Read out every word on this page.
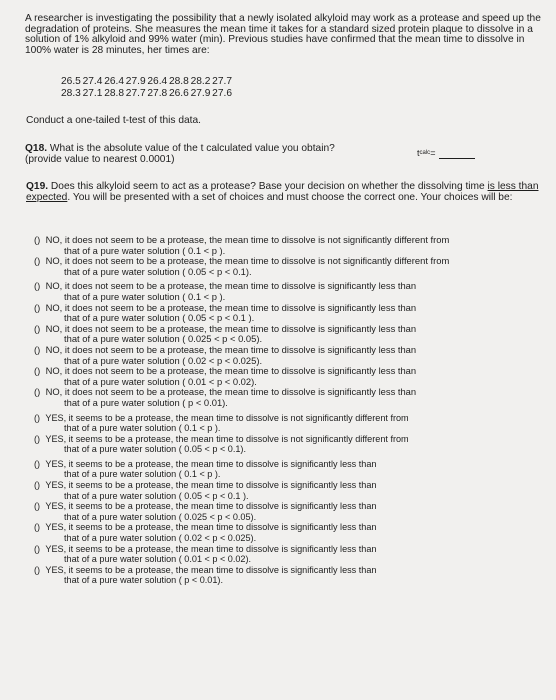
A researcher is investigating the possibility that a newly isolated alkyloid may work as a protease and speed up the degradation of proteins. She measures the mean time it takes for a standard sized protein plaque to dissolve in a solution of 1% alkyloid and 99% water (min). Previous studies have confirmed that the mean time to dissolve in 100% water is 28 minutes, her times are:

26.5 27.4 26.4 27.9 26.4 28.8 28.2 27.7
28.3 27.1 28.8 27.7 27.8 26.6 27.9 27.6
Conduct a one-tailed t-test of this data.
Q18. What is the absolute value of the t calculated value you obtain?
(provide value to nearest 0.0001)
t calc =
Q19. Does this alkyloid seem to act as a protease? Base your decision on whether the dissolving time is less than expected. You will be presented with a set of choices and must choose the correct one. Your choices will be:
() NO, it does not seem to be a protease, the mean time to dissolve is not significantly different from
that of a pure water solution ( 0.1 < p ).
() NO, it does not seem to be a protease, the mean time to dissolve is not significantly different from
that of a pure water solution ( 0.05 < p < 0.1).
() NO, it does not seem to be a protease, the mean time to dissolve is significantly less than
that of a pure water solution ( 0.1 < p ).
() NO, it does not seem to be a protease, the mean time to dissolve is significantly less than
that of a pure water solution ( 0.05 < p < 0.1 ).
() NO, it does not seem to be a protease, the mean time to dissolve is significantly less than
that of a pure water solution ( 0.025 < p < 0.05).
() NO, it does not seem to be a protease, the mean time to dissolve is significantly less than
that of a pure water solution ( 0.02 < p < 0.025).
() NO, it does not seem to be a protease, the mean time to dissolve is significantly less than
that of a pure water solution ( 0.01 < p < 0.02).
() NO, it does not seem to be a protease, the mean time to dissolve is significantly less than
that of a pure water solution ( p < 0.01).
() YES, it seems to be a protease, the mean time to dissolve is not significantly different from
that of a pure water solution ( 0.1 < p ).
() YES, it seems to be a protease, the mean time to dissolve is not significantly different from
that of a pure water solution ( 0.05 < p < 0.1).
() YES, it seems to be a protease, the mean time to dissolve is significantly less than
that of a pure water solution ( 0.1 < p ).
() YES, it seems to be a protease, the mean time to dissolve is significantly less than
that of a pure water solution ( 0.05 < p < 0.1 ).
() YES, it seems to be a protease, the mean time to dissolve is significantly less than
that of a pure water solution ( 0.025 < p < 0.05).
() YES, it seems to be a protease, the mean time to dissolve is significantly less than
that of a pure water solution ( 0.02 < p < 0.025).
() YES, it seems to be a protease, the mean time to dissolve is significantly less than
that of a pure water solution ( 0.01 < p < 0.02).
() YES, it seems to be a protease, the mean time to dissolve is significantly less than
that of a pure water solution ( p < 0.01).
